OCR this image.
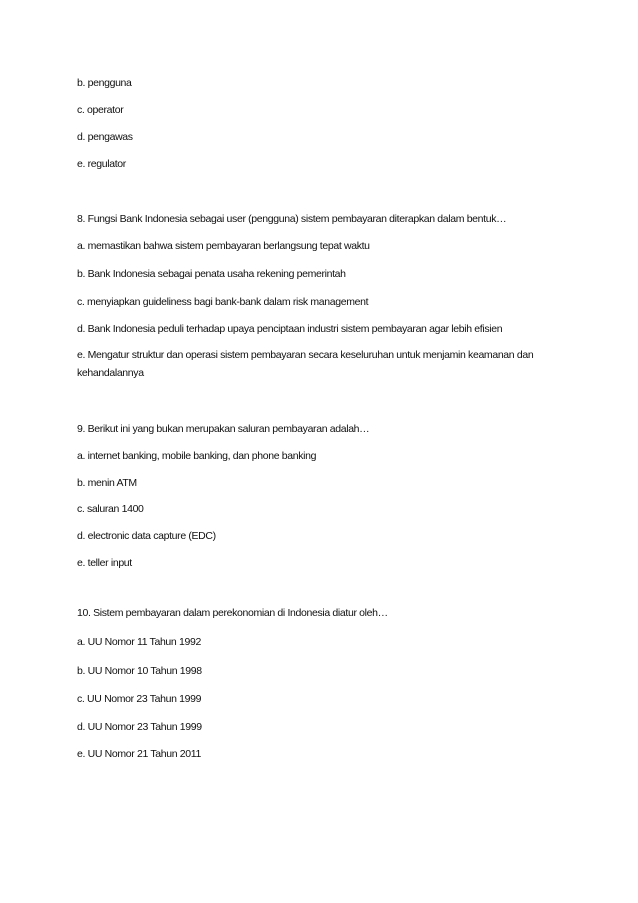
b. pengguna
c. operator
d. pengawas
e. regulator
8. Fungsi Bank Indonesia sebagai user (pengguna) sistem pembayaran diterapkan dalam bentuk…
a. memastikan bahwa sistem pembayaran berlangsung tepat waktu
b. Bank Indonesia sebagai penata usaha rekening pemerintah
c. menyiapkan guideliness bagi bank-bank dalam risk management
d. Bank Indonesia peduli terhadap upaya penciptaan industri sistem pembayaran agar lebih efisien
e. Mengatur struktur dan operasi sistem pembayaran secara keseluruhan untuk menjamin keamanan dan kehandalannya
9. Berikut ini yang bukan merupakan saluran pembayaran adalah…
a. internet banking, mobile banking, dan phone banking
b. menin ATM
c. saluran 1400
d. electronic data capture (EDC)
e. teller input
10. Sistem pembayaran dalam perekonomian di Indonesia diatur oleh…
a. UU Nomor 11 Tahun 1992
b. UU Nomor 10 Tahun 1998
c. UU Nomor 23 Tahun 1999
d. UU Nomor 23 Tahun 1999
e. UU Nomor 21 Tahun 2011
